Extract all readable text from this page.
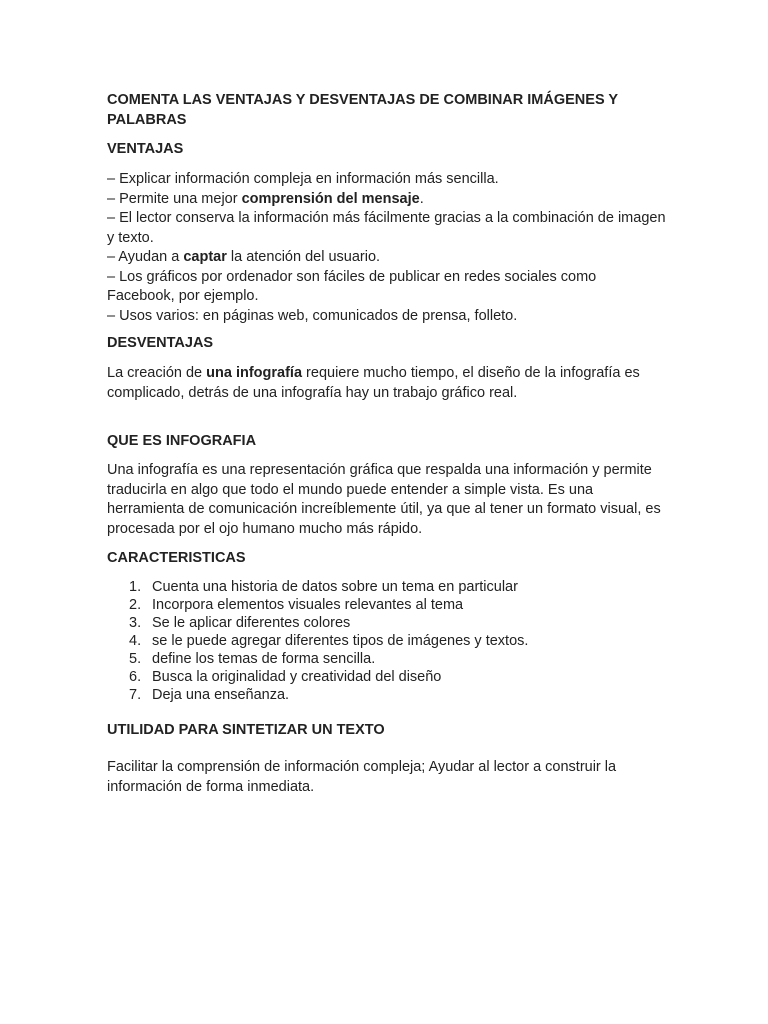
COMENTA LAS VENTAJAS Y DESVENTAJAS DE COMBINAR IMÁGENES Y PALABRAS
VENTAJAS
– Explicar información compleja en información más sencilla.
– Permite una mejor comprensión del mensaje.
– El lector conserva la información más fácilmente gracias a la combinación de imagen y texto.
– Ayudan a captar la atención del usuario.
– Los gráficos por ordenador son fáciles de publicar en redes sociales como Facebook, por ejemplo.
– Usos varios: en páginas web, comunicados de prensa, folleto.
DESVENTAJAS

La creación de una infografía requiere mucho tiempo, el diseño de la infografía es complicado, detrás de una infografía hay un trabajo gráfico real.

QUE ES INFOGRAFIA

Una infografía es una representación gráfica que respalda una información y permite traducirla en algo que todo el mundo puede entender a simple vista. Es una herramienta de comunicación increíblemente útil, ya que al tener un formato visual, es procesada por el ojo humano mucho más rápido.

CARACTERISTICAS
1. Cuenta una historia de datos sobre un tema en particular
2. Incorpora elementos visuales relevantes al tema
3. Se le aplicar diferentes colores
4. se le puede agregar diferentes tipos de imágenes y textos.
5. define los temas de forma sencilla.
6. Busca la originalidad y creatividad del diseño
7. Deja una enseñanza.
UTILIDAD PARA SINTETIZAR UN TEXTO

Facilitar la comprensión de información compleja; Ayudar al lector a construir la información de forma inmediata.
